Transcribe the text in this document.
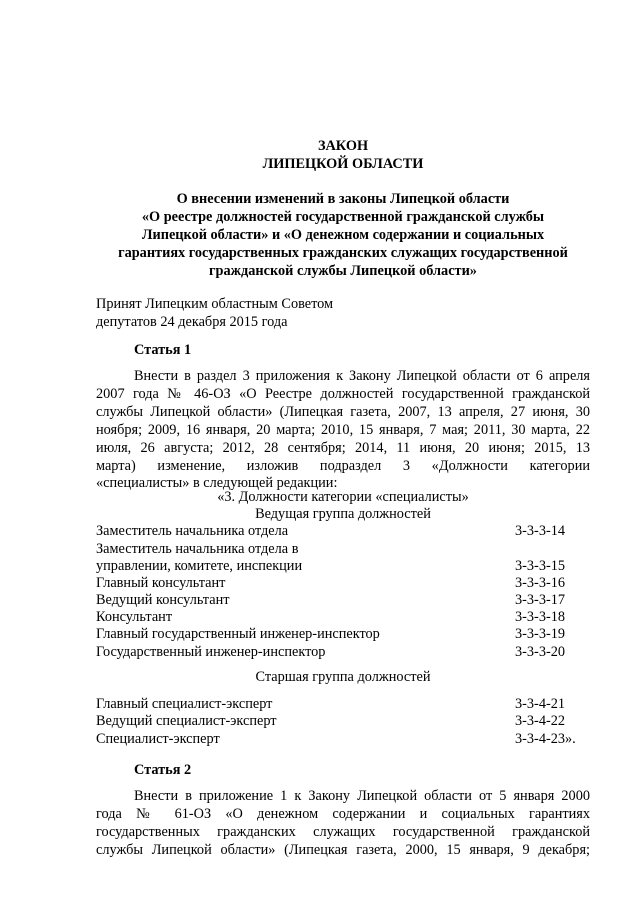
ЗАКОН
ЛИПЕЦКОЙ ОБЛАСТИ
О внесении изменений в законы Липецкой области
«О реестре должностей государственной гражданской службы
Липецкой области» и «О денежном содержании и социальных
гарантиях государственных гражданских служащих государственной
гражданской службы Липецкой области»
Принят Липецким областным Советом
депутатов 24 декабря 2015 года
Статья 1
Внести в раздел 3 приложения к Закону Липецкой области от 6 апреля
2007 года № 46-ОЗ «О Реестре должностей государственной гражданской
службы Липецкой области» (Липецкая газета, 2007, 13 апреля, 27 июня, 30
ноября; 2009, 16 января, 20 марта; 2010, 15 января, 7 мая; 2011, 30 марта, 22
июля, 26 августа; 2012, 28 сентября; 2014, 11 июня, 20 июня; 2015, 13
марта) изменение, изложив подраздел 3 «Должности категории
«специалисты» в следующей редакции:
«3. Должности категории «специалисты»
Ведущая группа должностей
Заместитель начальника отдела	3-3-3-14
Заместитель начальника отдела в
управлении, комитете, инспекции	3-3-3-15
Главный консультант	3-3-3-16
Ведущий консультант	3-3-3-17
Консультант	3-3-3-18
Главный государственный инженер-инспектор	3-3-3-19
Государственный инженер-инспектор	3-3-3-20
Старшая группа должностей
Главный специалист-эксперт	3-3-4-21
Ведущий специалист-эксперт	3-3-4-22
Специалист-эксперт	3-3-4-23».
Статья 2
Внести в приложение 1 к Закону Липецкой области от 5 января 2000
года № 61-ОЗ «О денежном содержании и социальных гарантиях
государственных гражданских служащих государственной гражданской
службы Липецкой области» (Липецкая газета, 2000, 15 января, 9 декабря;
